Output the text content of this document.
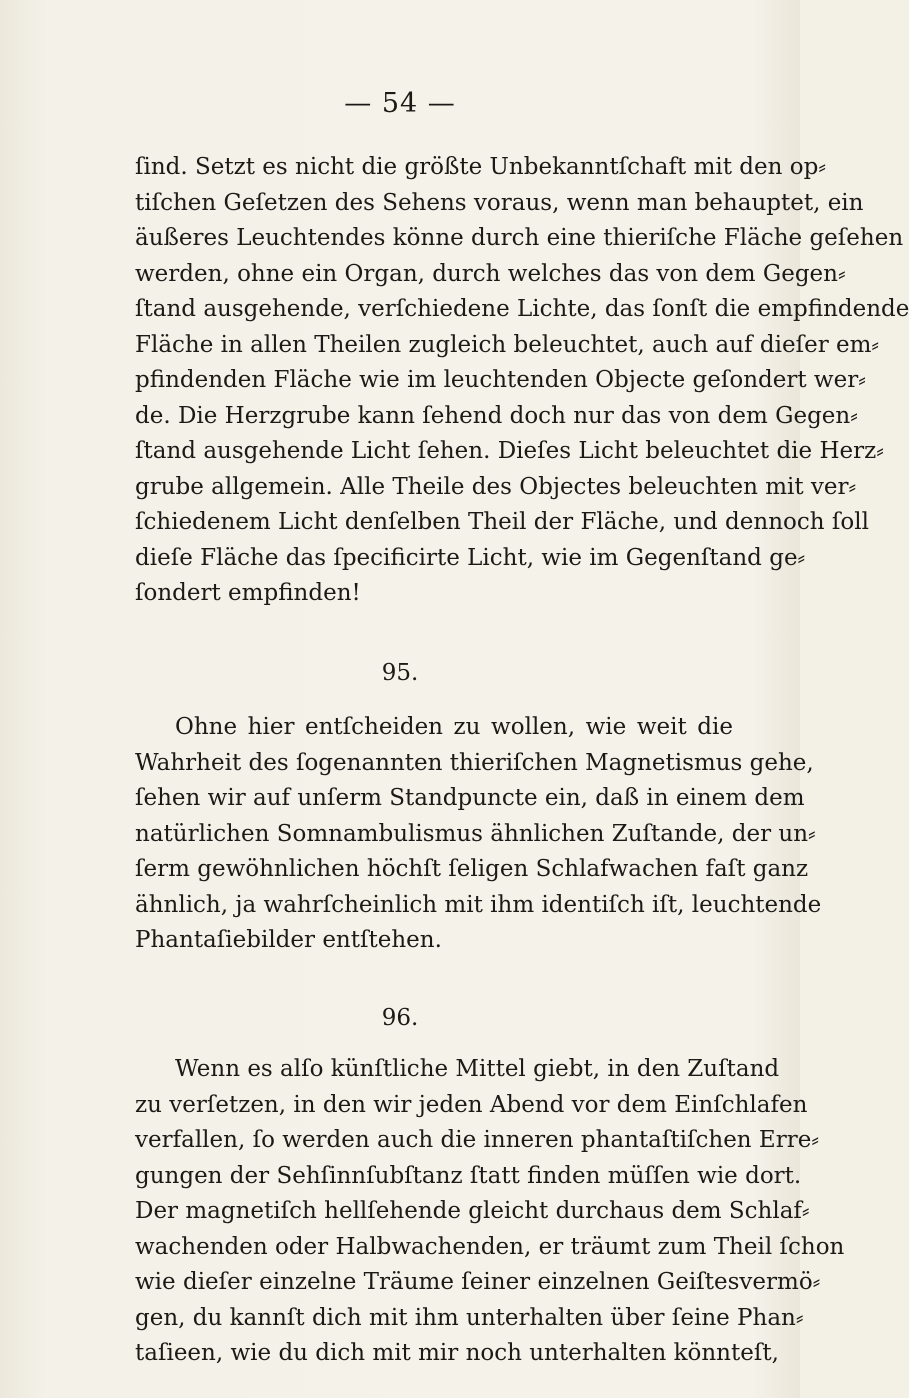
— 54 —
ſind. Setzt es nicht die größte Unbekanntſchaft mit den op⸗
tiſchen Geſetzen des Sehens voraus, wenn man behauptet, ein
äußeres Leuchtendes könne durch eine thieriſche Fläche geſehen
werden, ohne ein Organ, durch welches das von dem Gegen⸗
ſtand ausgehende, verſchiedene Lichte, das ſonſt die empfindende
Fläche in allen Theilen zugleich beleuchtet, auch auf dieſer em⸗
pfindenden Fläche wie im leuchtenden Objecte geſondert wer⸗
de. Die Herzgrube kann ſehend doch nur das von dem Gegen⸗
ſtand ausgehende Licht ſehen. Dieſes Licht beleuchtet die Herz⸗
grube allgemein. Alle Theile des Objectes beleuchten mit ver⸗
ſchiedenem Licht denſelben Theil der Fläche, und dennoch ſoll
dieſe Fläche das ſpecificirte Licht, wie im Gegenſtand ge⸗
ſondert empfinden!
95.
Ohne hier entſcheiden zu wollen, wie weit die
Wahrheit des ſogenannten thieriſchen Magnetismus gehe,
ſehen wir auf unſerm Standpuncte ein, daß in einem dem
natürlichen Somnambulismus ähnlichen Zuſtande, der un⸗
ſerm gewöhnlichen höchſt ſeligen Schlafwachen faſt ganz
ähnlich, ja wahrſcheinlich mit ihm identiſch iſt, leuchtende
Phantaſiebilder entſtehen.
96.
Wenn es alſo künſtliche Mittel giebt, in den Zuſtand
zu verſetzen, in den wir jeden Abend vor dem Einſchlafen
verfallen, ſo werden auch die inneren phantaſtiſchen Erre⸗
gungen der Sehſinnſubſtanz ſtatt finden müſſen wie dort.
Der magnetiſch hellſehende gleicht durchaus dem Schlaf⸗
wachenden oder Halbwachenden, er träumt zum Theil ſchon
wie dieſer einzelne Träume ſeiner einzelnen Geiſtesvermö⸗
gen, du kannſt dich mit ihm unterhalten über ſeine Phan⸗
taſieen, wie du dich mit mir noch unterhalten könnteſt,
